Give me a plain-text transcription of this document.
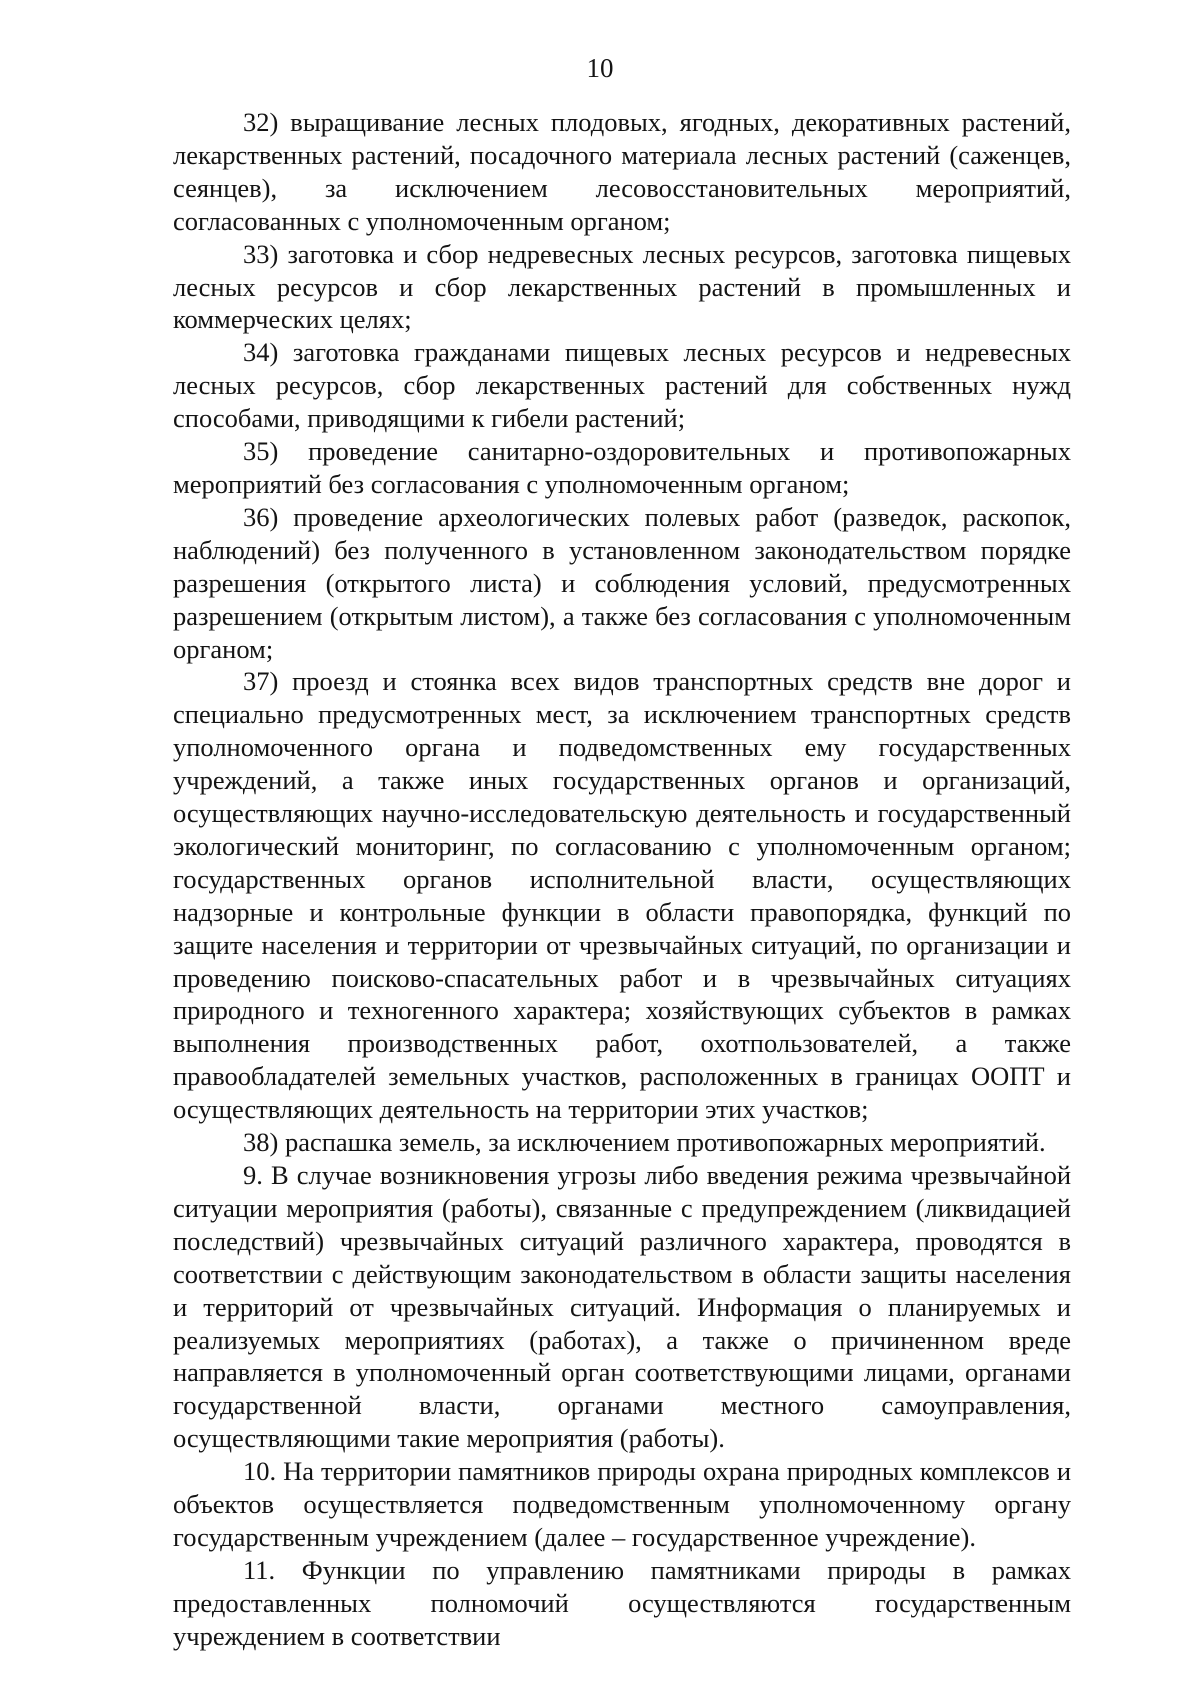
10

32) выращивание лесных плодовых, ягодных, декоративных растений, лекарственных растений, посадочного материала лесных растений (саженцев, сеянцев), за исключением лесовосстановительных мероприятий, согласованных с уполномоченным органом;

33) заготовка и сбор недревесных лесных ресурсов, заготовка пищевых лесных ресурсов и сбор лекарственных растений в промышленных и коммерческих целях;

34) заготовка гражданами пищевых лесных ресурсов и недревесных лесных ресурсов, сбор лекарственных растений для собственных нужд способами, приводящими к гибели растений;

35) проведение санитарно-оздоровительных и противопожарных мероприятий без согласования с уполномоченным органом;

36) проведение археологических полевых работ (разведок, раскопок, наблюдений) без полученного в установленном законодательством порядке разрешения (открытого листа) и соблюдения условий, предусмотренных разрешением (открытым листом), а также без согласования с уполномоченным органом;

37) проезд и стоянка всех видов транспортных средств вне дорог и специально предусмотренных мест, за исключением транспортных средств уполномоченного органа и подведомственных ему государственных учреждений, а также иных государственных органов и организаций, осуществляющих научно-исследовательскую деятельность и государственный экологический мониторинг, по согласованию с уполномоченным органом; государственных органов исполнительной власти, осуществляющих надзорные и контрольные функции в области правопорядка, функций по защите населения и территории от чрезвычайных ситуаций, по организации и проведению поисково-спасательных работ и в чрезвычайных ситуациях природного и техногенного характера; хозяйствующих субъектов в рамках выполнения производственных работ, охотпользователей, а также правообладателей земельных участков, расположенных в границах ООПТ и осуществляющих деятельность на территории этих участков;

38) распашка земель, за исключением противопожарных мероприятий.

9. В случае возникновения угрозы либо введения режима чрезвычайной ситуации мероприятия (работы), связанные с предупреждением (ликвидацией последствий) чрезвычайных ситуаций различного характера, проводятся в соответствии с действующим законодательством в области защиты населения и территорий от чрезвычайных ситуаций. Информация о планируемых и реализуемых мероприятиях (работах), а также о причиненном вреде направляется в уполномоченный орган соответствующими лицами, органами государственной власти, органами местного самоуправления, осуществляющими такие мероприятия (работы).

10. На территории памятников природы охрана природных комплексов и объектов осуществляется подведомственным уполномоченному органу государственным учреждением (далее – государственное учреждение).

11. Функции по управлению памятниками природы в рамках предоставленных полномочий осуществляются государственным учреждением в соответствии
